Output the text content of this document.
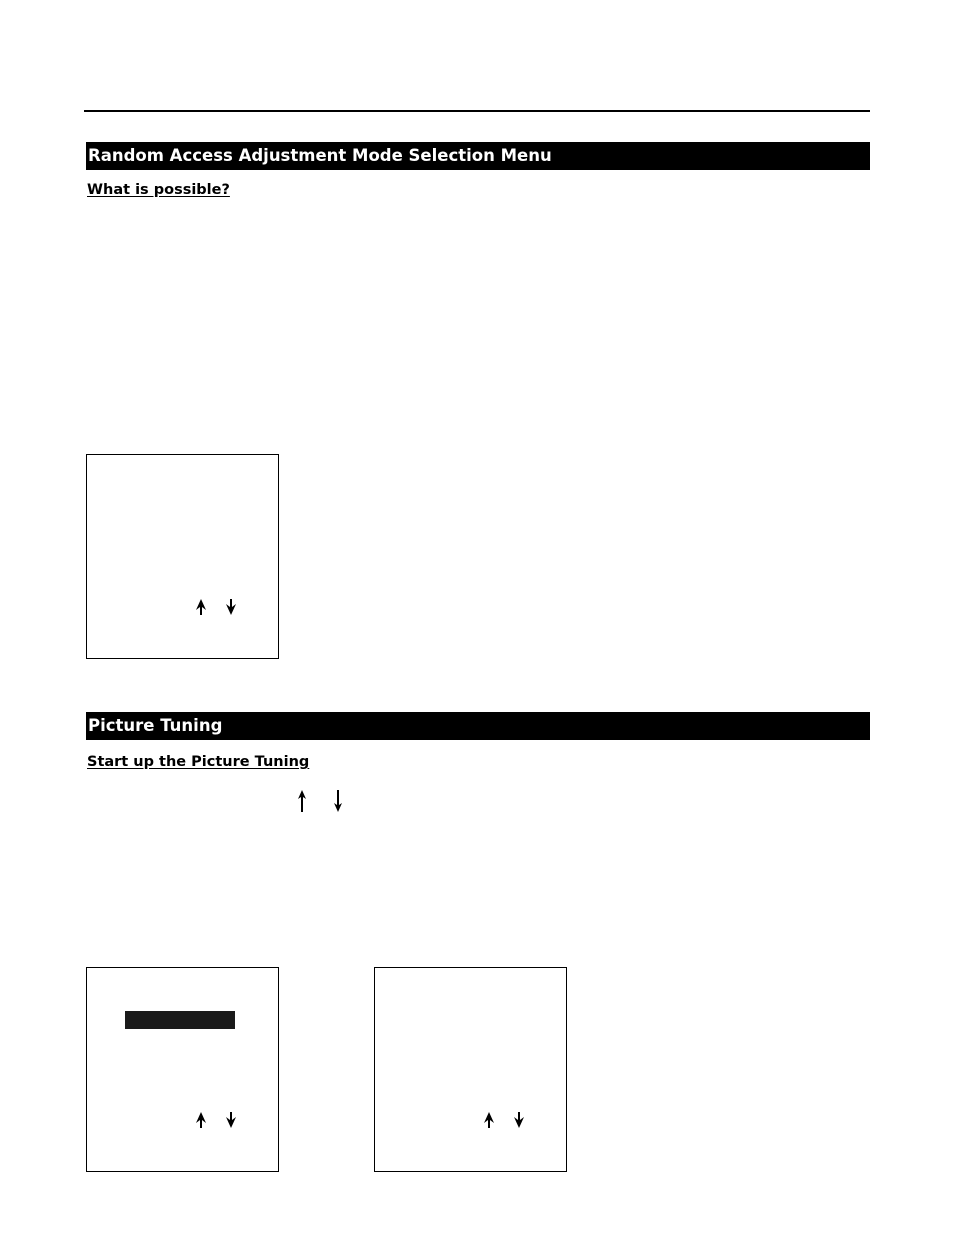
Random Access Adjustment Mode Selection Menu
What is possible?
Picture Tuning
Start up the Picture Tuning
